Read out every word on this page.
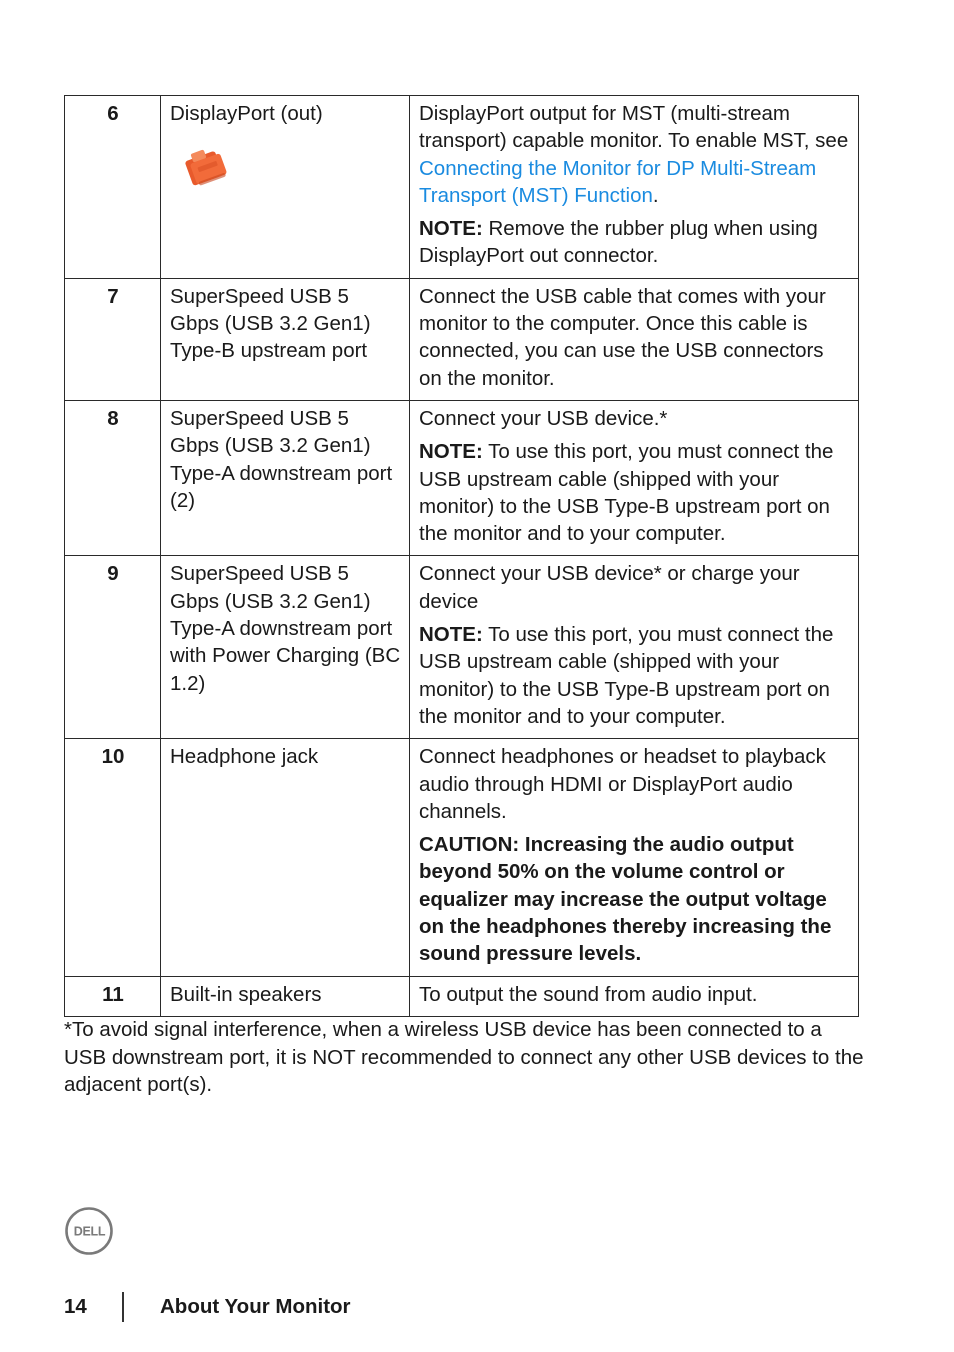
6	DisplayPort (out)	DisplayPort output for MST (multi-stream transport) capable monitor. To enable MST, see Connecting the Monitor for DP Multi-Stream Transport (MST) Function.

NOTE: Remove the rubber plug when using DisplayPort out connector.

7	SuperSpeed USB 5 Gbps (USB 3.2 Gen1) Type-B upstream port	Connect the USB cable that comes with your monitor to the computer. Once this cable is connected, you can use the USB connectors on the monitor.

8	SuperSpeed USB 5 Gbps (USB 3.2 Gen1) Type-A downstream port (2)	Connect your USB device.*

NOTE: To use this port, you must connect the USB upstream cable (shipped with your monitor) to the USB Type-B upstream port on the monitor and to your computer.

9	SuperSpeed USB 5 Gbps (USB 3.2 Gen1) Type-A downstream port with Power Charging (BC 1.2)	Connect your USB device* or charge your device

NOTE: To use this port, you must connect the USB upstream cable (shipped with your monitor) to the USB Type-B upstream port on the monitor and to your computer.

10	Headphone jack	Connect headphones or headset to playback audio through HDMI or DisplayPort audio channels.

CAUTION: Increasing the audio output beyond 50% on the volume control or equalizer may increase the output voltage on the headphones thereby increasing the sound pressure levels.

11	Built-in speakers	To output the sound from audio input.

*To avoid signal interference, when a wireless USB device has been connected to a USB downstream port, it is NOT recommended to connect any other USB devices to the adjacent port(s).

DELL
14	About Your Monitor
